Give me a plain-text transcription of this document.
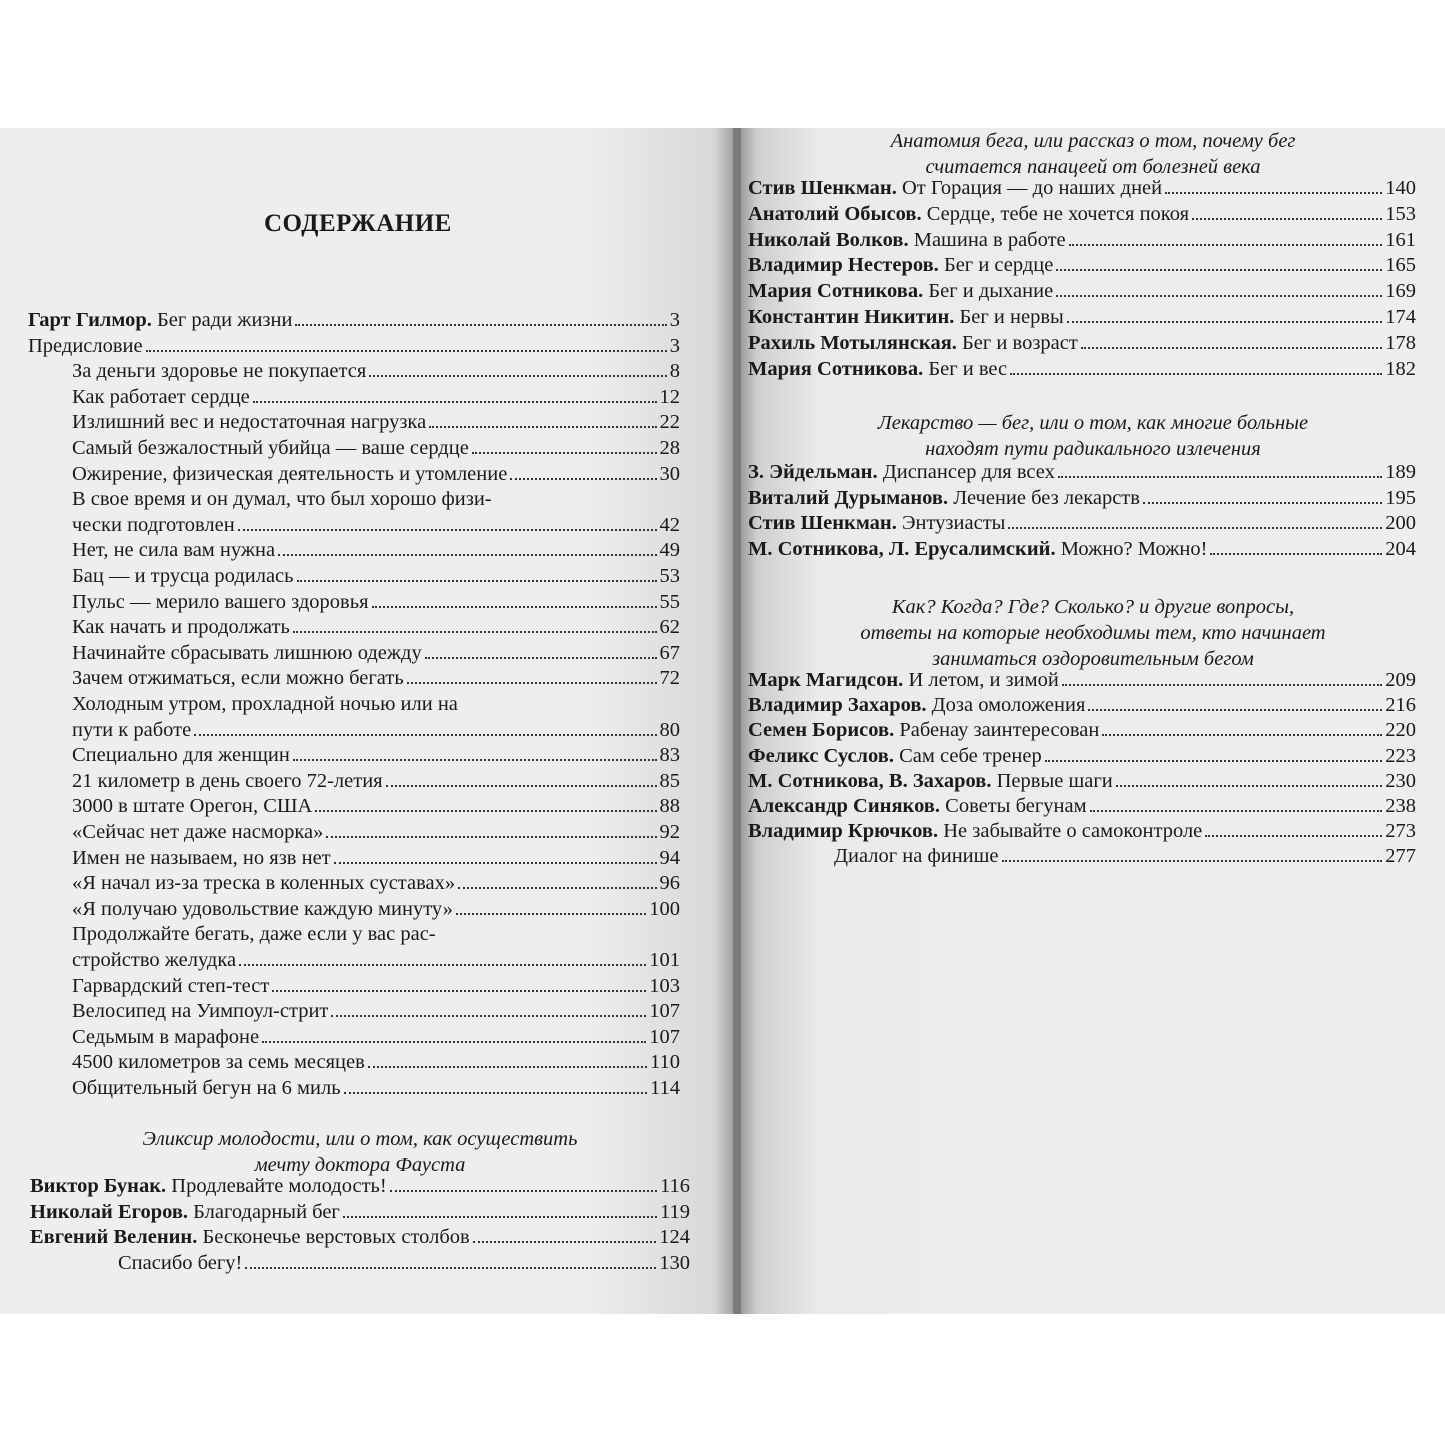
СОДЕРЖАНИЕ
Гарт Гилмор. Бег ради жизни	3
Предисловие	3
За деньги здоровье не покупается	8
Как работает сердце	12
Излишний вес и недостаточная нагрузка	22
Самый безжалостный убийца — ваше сердце	28
Ожирение, физическая деятельность и утомление	30
В свое время и он думал, что был хорошо физи-
чески подготовлен	42
Нет, не сила вам нужна	49
Бац — и трусца родилась	53
Пульс — мерило вашего здоровья	55
Как начать и продолжать	62
Начинайте сбрасывать лишнюю одежду	67
Зачем отжиматься, если можно бегать	72
Холодным утром, прохладной ночью или на
пути к работе	80
Специально для женщин	83
21 километр в день своего 72-летия	85
3000 в штате Орегон, США	88
«Сейчас нет даже насморка»	92
Имен не называем, но язв нет	94
«Я начал из-за треска в коленных суставах»	96
«Я получаю удовольствие каждую минуту»	100
Продолжайте бегать, даже если у вас рас-
стройство желудка	101
Гарвардский степ-тест	103
Велосипед на Уимпоул-стрит	107
Седьмым в марафоне	107
4500 километров за семь месяцев	110
Общительный бегун на 6 миль	114

Эликсир молодости, или о том, как осуществить
мечту доктора Фауста

Виктор Бунак. Продлевайте молодость!	116
Николай Егоров. Благодарный бег	119
Евгений Веленин. Бесконечье верстовых столбов	124
Спасибо бегу!	130

Анатомия бега, или рассказ о том, почему бег
считается панацеей от болезней века

Стив Шенкман. От Горация — до наших дней	140
Анатолий Обысов. Сердце, тебе не хочется покоя	153
Николай Волков. Машина в работе	161
Владимир Нестеров. Бег и сердце	165
Мария Сотникова. Бег и дыхание	169
Константин Никитин. Бег и нервы	174
Рахиль Мотылянская. Бег и возраст	178
Мария Сотникова. Бег и вес	182

Лекарство — бег, или о том, как многие больные
находят пути радикального излечения

З. Эйдельман. Диспансер для всех	189
Виталий Дурыманов. Лечение без лекарств	195
Стив Шенкман. Энтузиасты	200
М. Сотникова, Л. Ерусалимский. Можно? Можно!	204

Как? Когда? Где? Сколько? и другие вопросы,
ответы на которые необходимы тем, кто начинает
заниматься оздоровительным бегом

Марк Магидсон. И летом, и зимой	209
Владимир Захаров. Доза омоложения	216
Семен Борисов. Рабенау заинтересован	220
Феликс Суслов. Сам себе тренер	223
М. Сотникова, В. Захаров. Первые шаги	230
Александр Синяков. Советы бегунам	238
Владимир Крючков. Не забывайте о самоконтроле	273
Диалог на финише	277
